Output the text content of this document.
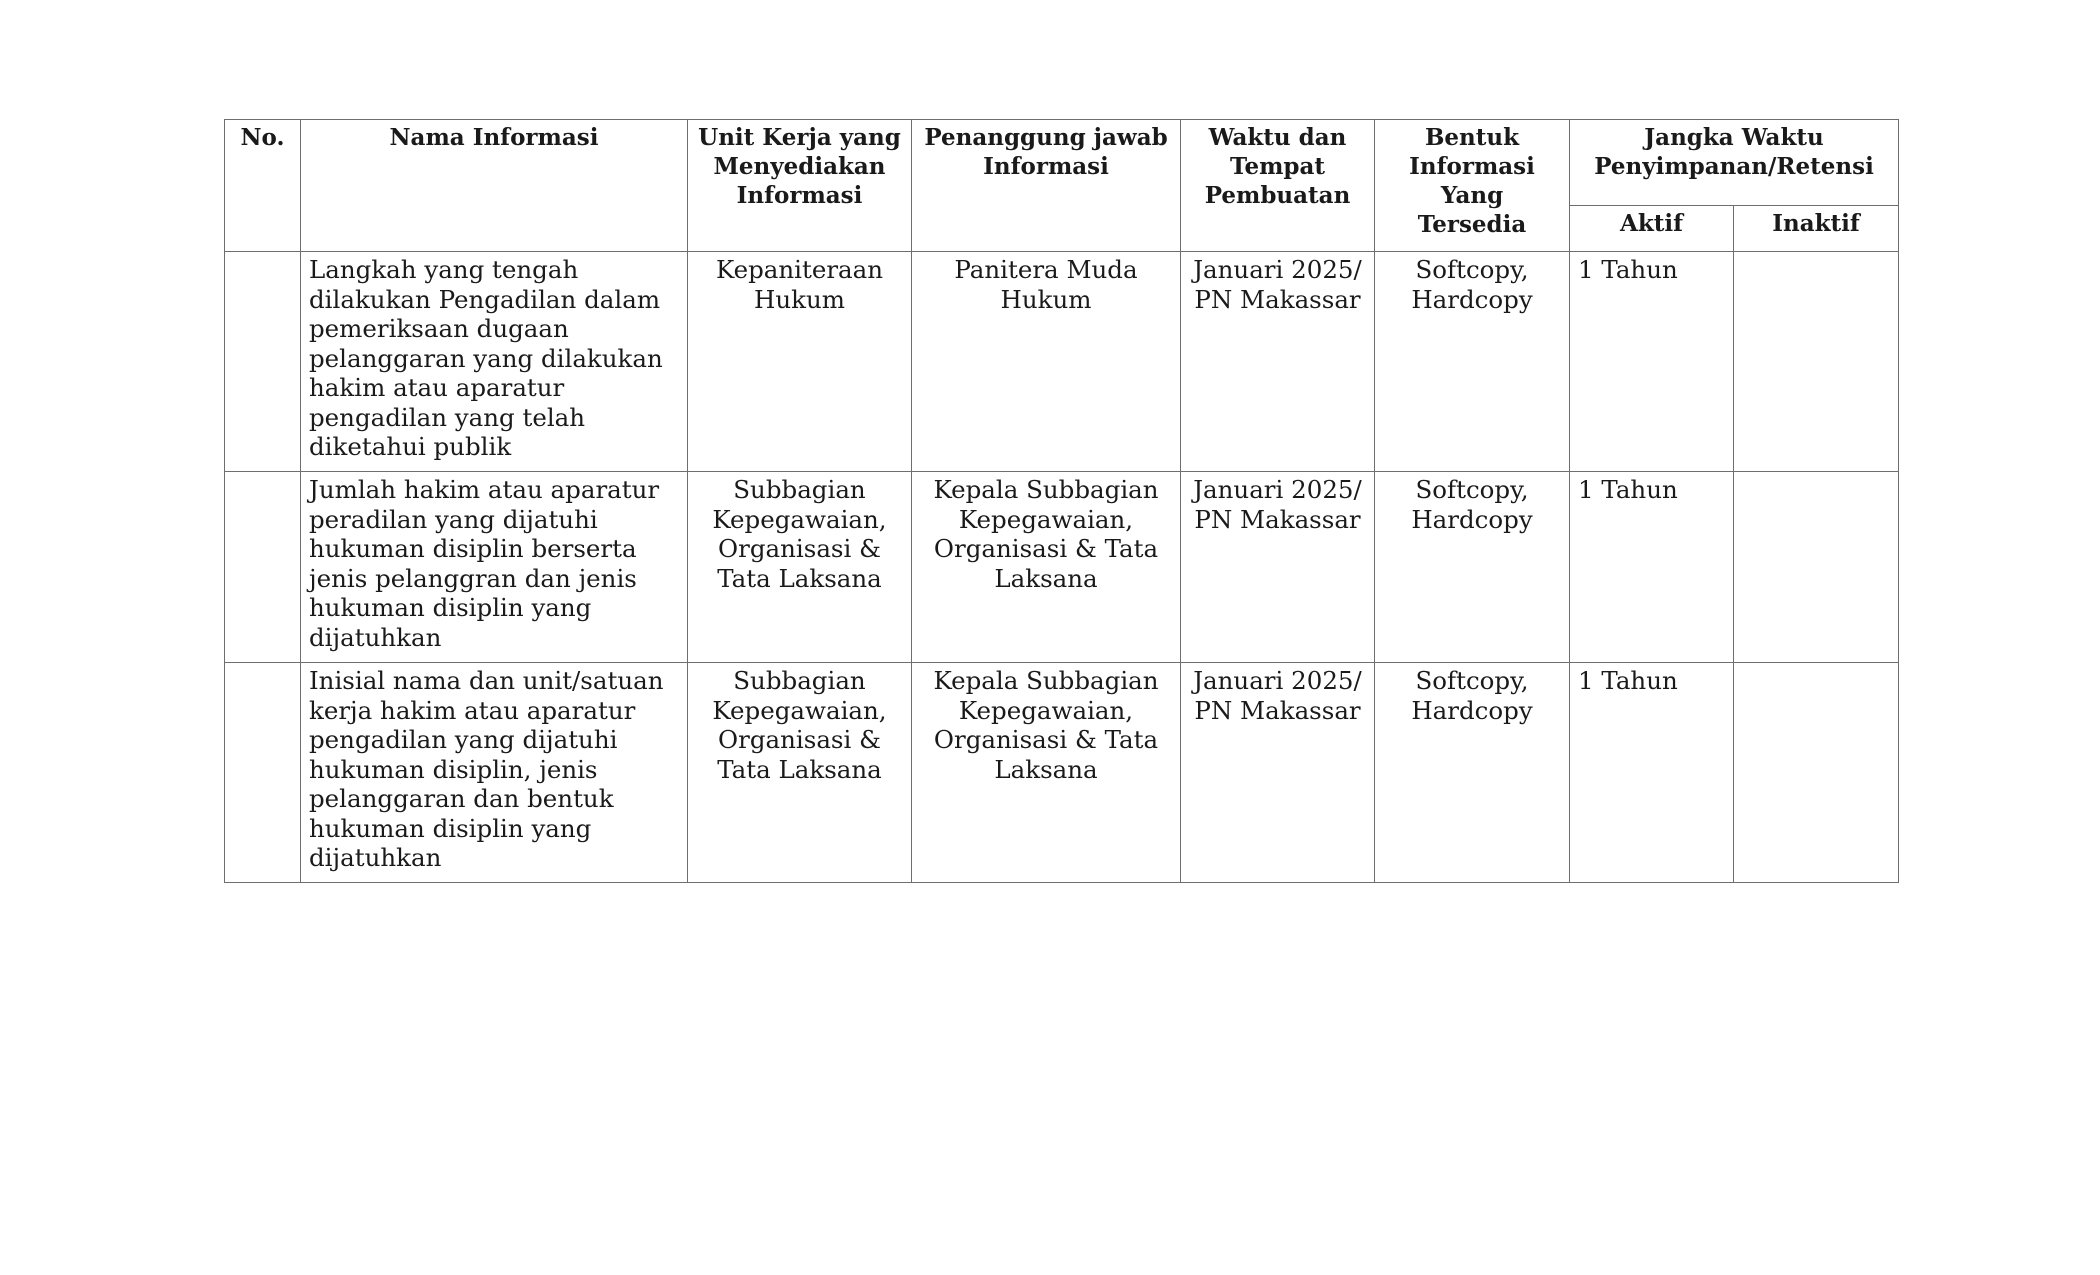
No.	Nama Informasi	Unit Kerja yang Menyediakan Informasi	Penanggung jawab Informasi	Waktu dan Tempat Pembuatan	Bentuk Informasi Yang Tersedia	Jangka Waktu Penyimpanan/Retensi	
						Aktif	Inaktif
	Langkah yang tengah dilakukan Pengadilan dalam pemeriksaan dugaan pelanggaran yang dilakukan hakim atau aparatur pengadilan yang telah diketahui publik	Kepaniteraan Hukum	Panitera Muda Hukum	Januari 2025/ PN Makassar	Softcopy, Hardcopy	1 Tahun	
	Jumlah hakim atau aparatur peradilan yang dijatuhi hukuman disiplin berserta jenis pelanggran dan jenis hukuman disiplin yang dijatuhkan	Subbagian Kepegawaian, Organisasi & Tata Laksana	Kepala Subbagian Kepegawaian, Organisasi & Tata Laksana	Januari 2025/ PN Makassar	Softcopy, Hardcopy	1 Tahun	
	Inisial nama dan unit/satuan kerja hakim atau aparatur pengadilan yang dijatuhi hukuman disiplin, jenis pelanggaran dan bentuk hukuman disiplin yang dijatuhkan	Subbagian Kepegawaian, Organisasi & Tata Laksana	Kepala Subbagian Kepegawaian, Organisasi & Tata Laksana	Januari 2025/ PN Makassar	Softcopy, Hardcopy	1 Tahun	
